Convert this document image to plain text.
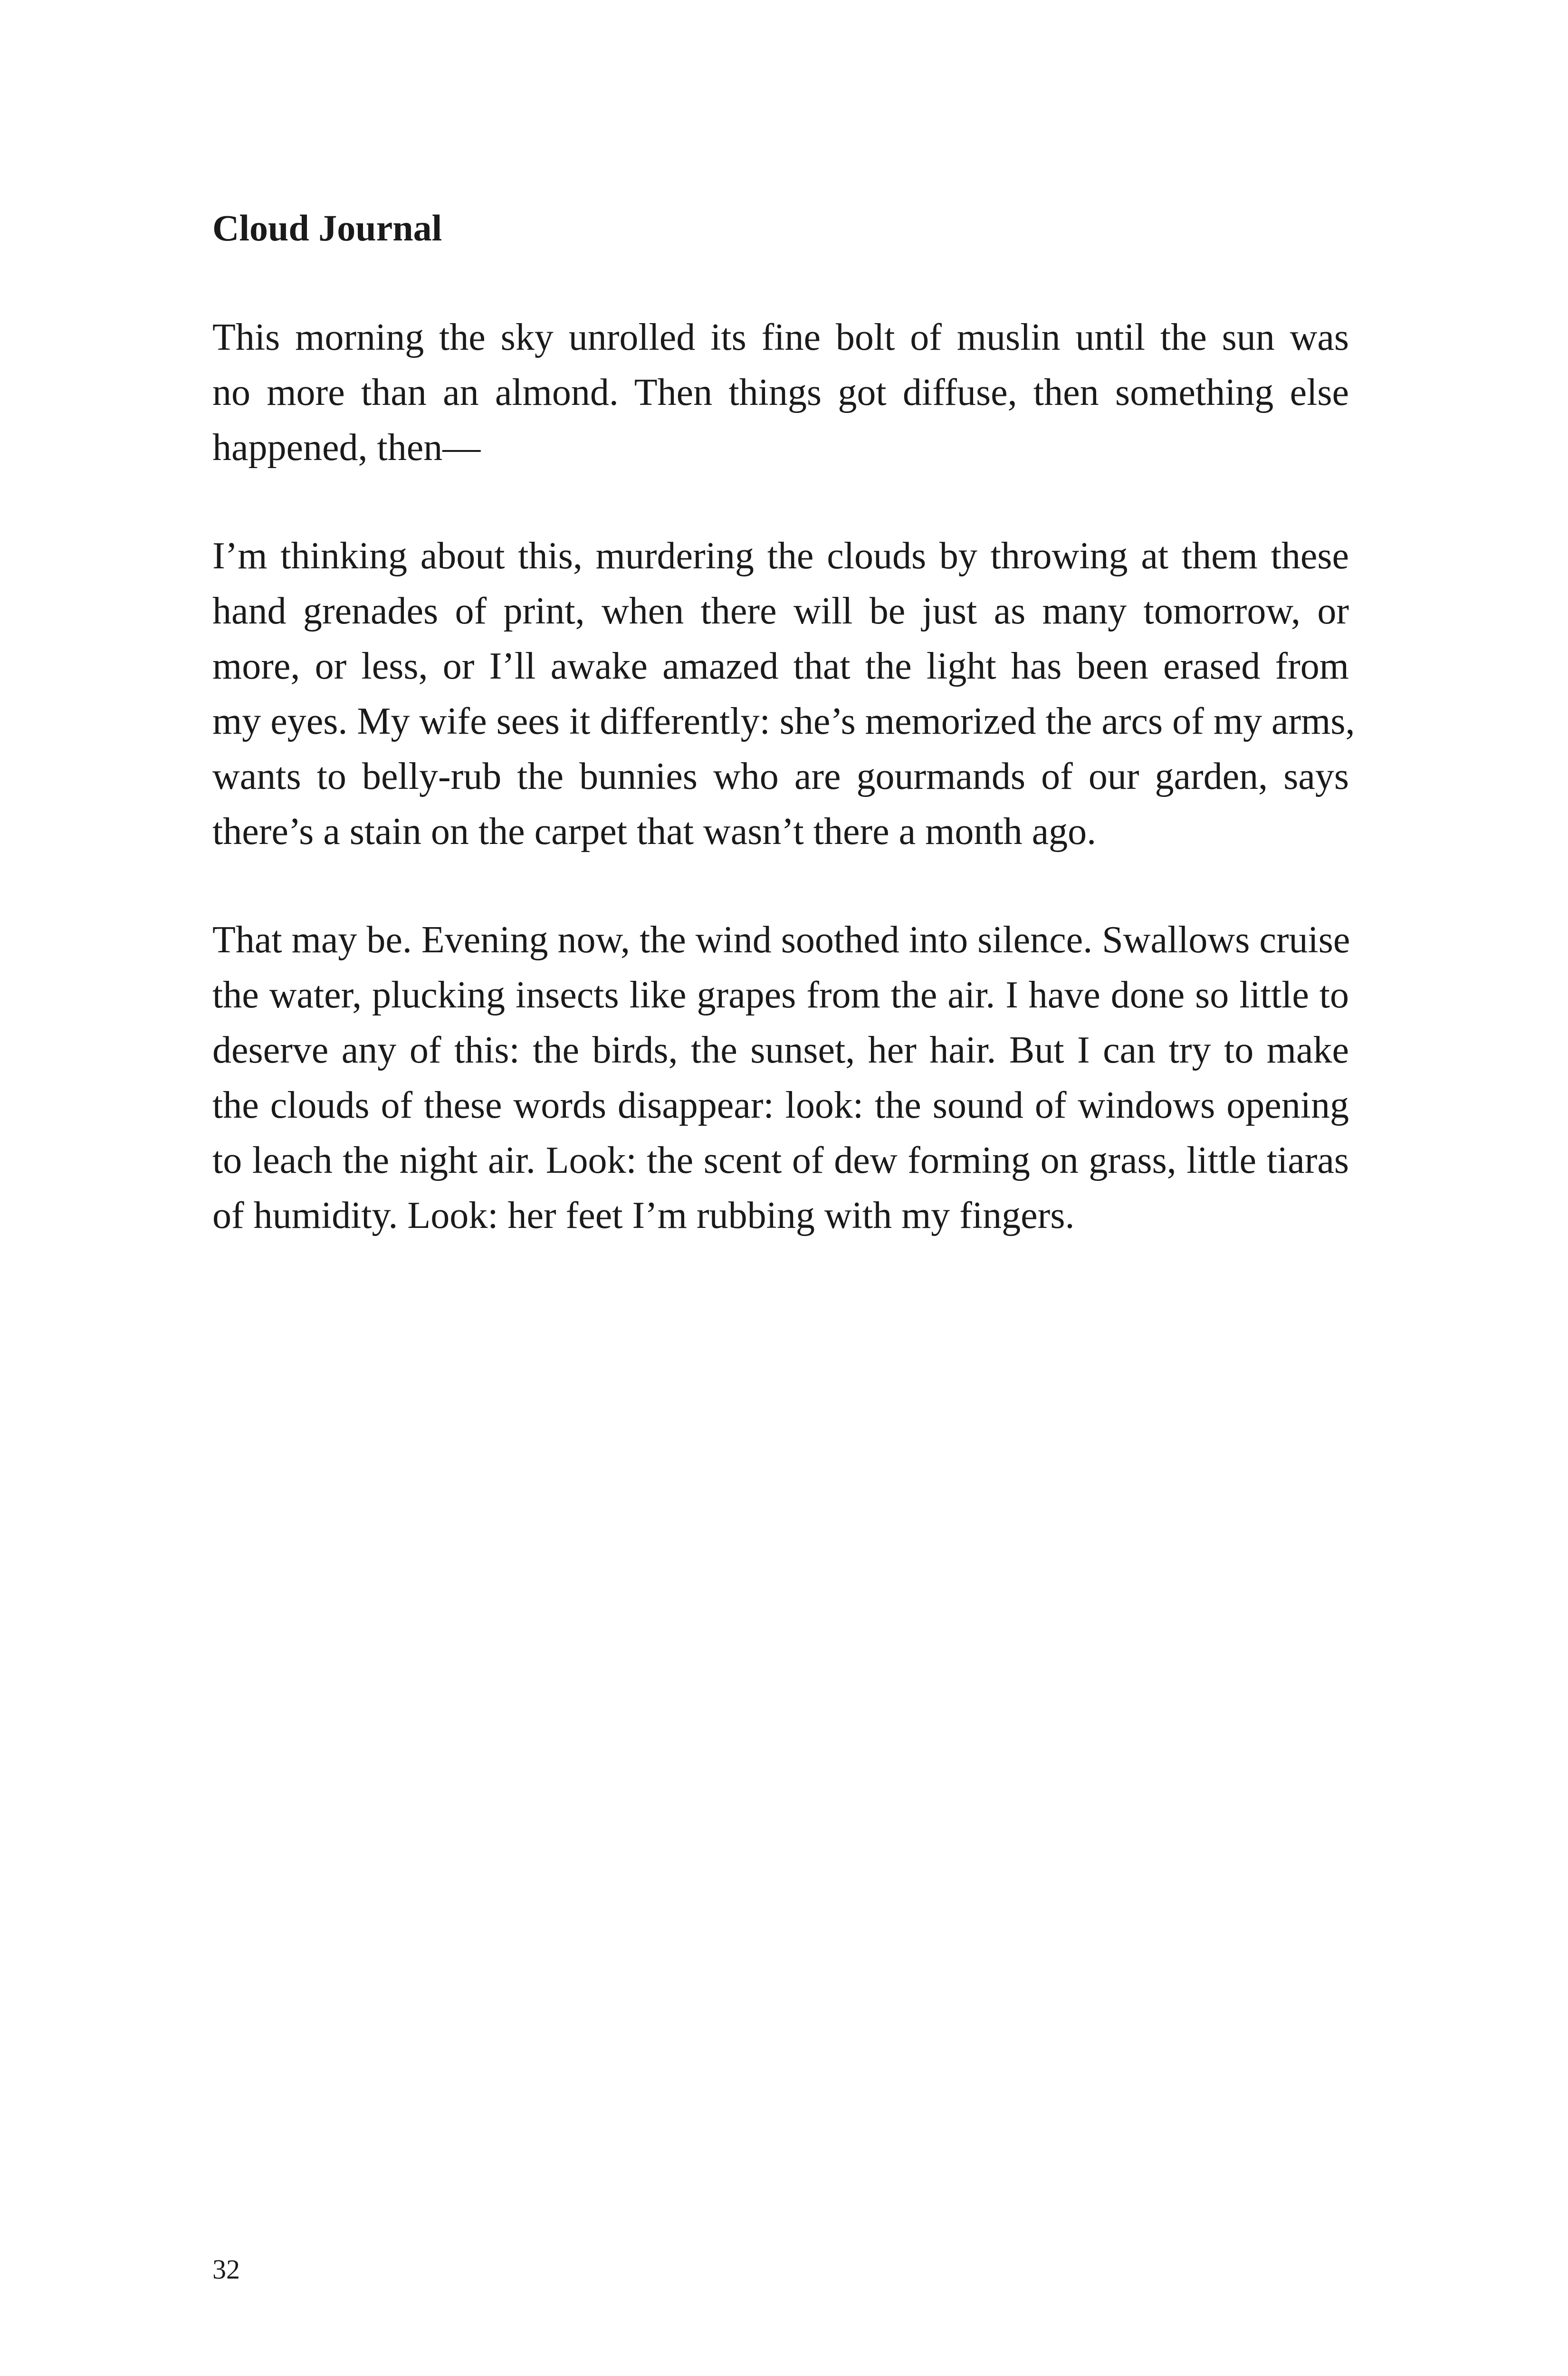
Cloud Journal

This morning the sky unrolled its fine bolt of muslin until the sun was
no more than an almond. Then things got diffuse, then something else
happened, then—

I’m thinking about this, murdering the clouds by throwing at them these
hand grenades of print, when there will be just as many tomorrow, or
more, or less, or I’ll awake amazed that the light has been erased from
my eyes. My wife sees it differently: she’s memorized the arcs of my arms,
wants to belly-rub the bunnies who are gourmands of our garden, says
there’s a stain on the carpet that wasn’t there a month ago.

That may be. Evening now, the wind soothed into silence. Swallows cruise
the water, plucking insects like grapes from the air. I have done so little to
deserve any of this: the birds, the sunset, her hair. But I can try to make
the clouds of these words disappear: look: the sound of windows opening
to leach the night air. Look: the scent of dew forming on grass, little tiaras
of humidity. Look: her feet I’m rubbing with my fingers.

32
